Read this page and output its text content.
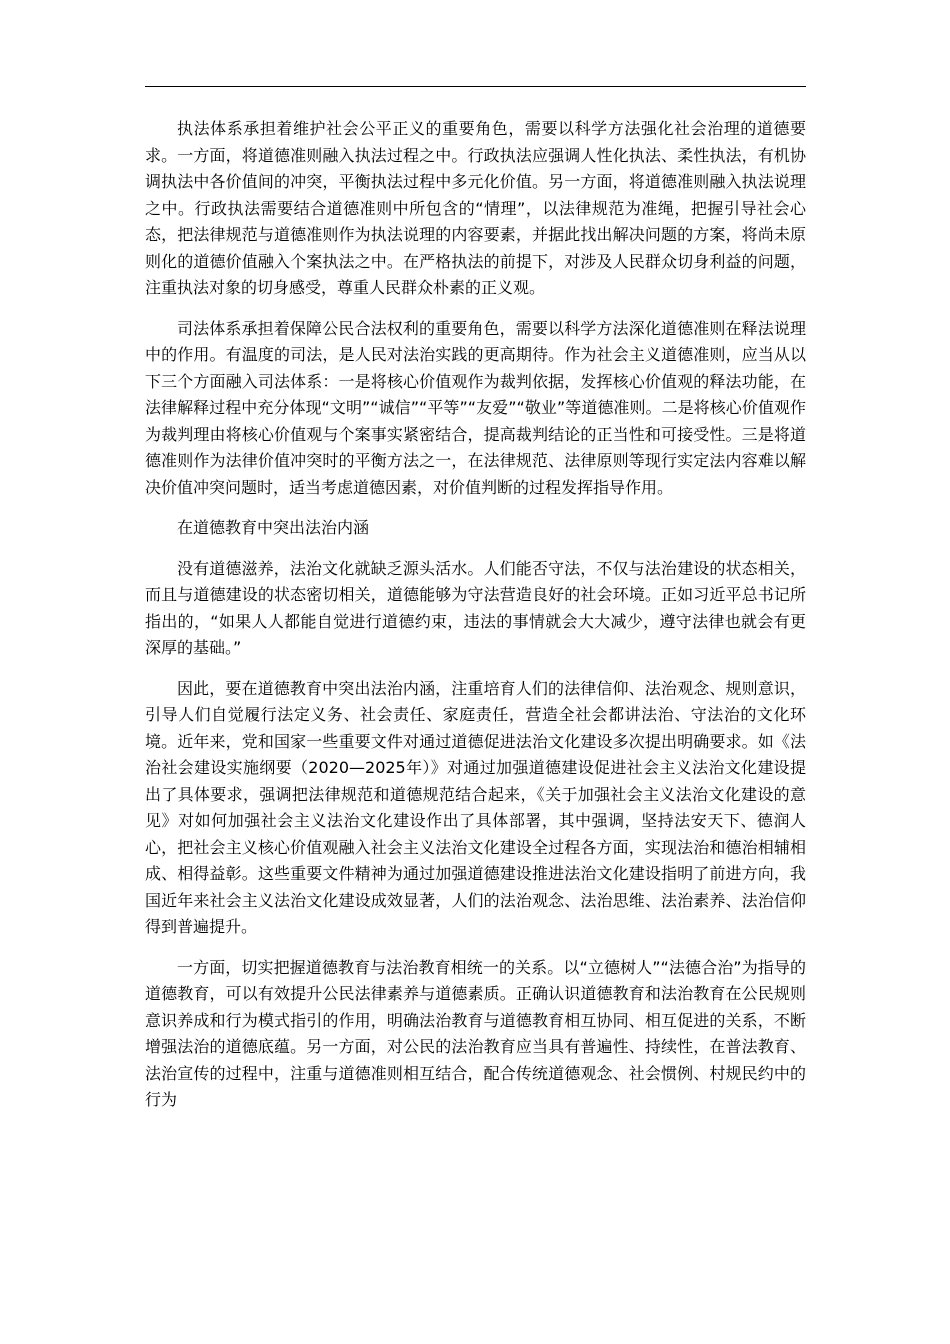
执法体系承担着维护社会公平正义的重要角色，需要以科学方法强化社会治理的道德要求。一方面，将道德准则融入执法过程之中。行政执法应强调人性化执法、柔性执法，有机协调执法中各价值间的冲突，平衡执法过程中多元化价值。另一方面，将道德准则融入执法说理之中。行政执法需要结合道德准则中所包含的“情理”，以法律规范为准绳，把握引导社会心态，把法律规范与道德准则作为执法说理的内容要素，并据此找出解决问题的方案，将尚未原则化的道德价值融入个案执法之中。在严格执法的前提下，对涉及人民群众切身利益的问题，注重执法对象的切身感受，尊重人民群众朴素的正义观。

司法体系承担着保障公民合法权利的重要角色，需要以科学方法深化道德准则在释法说理中的作用。有温度的司法，是人民对法治实践的更高期待。作为社会主义道德准则，应当从以下三个方面融入司法体系：一是将核心价值观作为裁判依据，发挥核心价值观的释法功能，在法律解释过程中充分体现“文明”“诚信”“平等”“友爱”“敬业”等道德准则。二是将核心价值观作为裁判理由将核心价值观与个案事实紧密结合，提高裁判结论的正当性和可接受性。三是将道德准则作为法律价值冲突时的平衡方法之一，在法律规范、法律原则等现行实定法内容难以解决价值冲突问题时，适当考虑道德因素，对价值判断的过程发挥指导作用。

在道德教育中突出法治内涵

没有道德滋养，法治文化就缺乏源头活水。人们能否守法，不仅与法治建设的状态相关，而且与道德建设的状态密切相关，道德能够为守法营造良好的社会环境。正如习近平总书记所指出的，“如果人人都能自觉进行道德约束，违法的事情就会大大减少，遵守法律也就会有更深厚的基础。”

因此，要在道德教育中突出法治内涵，注重培育人们的法律信仰、法治观念、规则意识，引导人们自觉履行法定义务、社会责任、家庭责任，营造全社会都讲法治、守法治的文化环境。近年来，党和国家一些重要文件对通过道德促进法治文化建设多次提出明确要求。如《法治社会建设实施纲要（2020—2025年）》对通过加强道德建设促进社会主义法治文化建设提出了具体要求，强调把法律规范和道德规范结合起来，《关于加强社会主义法治文化建设的意见》对如何加强社会主义法治文化建设作出了具体部署，其中强调，坚持法安天下、德润人心，把社会主义核心价值观融入社会主义法治文化建设全过程各方面，实现法治和德治相辅相成、相得益彰。这些重要文件精神为通过加强道德建设推进法治文化建设指明了前进方向，我国近年来社会主义法治文化建设成效显著，人们的法治观念、法治思维、法治素养、法治信仰得到普遍提升。

一方面，切实把握道德教育与法治教育相统一的关系。以“立德树人”“法德合治”为指导的道德教育，可以有效提升公民法律素养与道德素质。正确认识道德教育和法治教育在公民规则意识养成和行为模式指引的作用，明确法治教育与道德教育相互协同、相互促进的关系，不断增强法治的道德底蕴。另一方面，对公民的法治教育应当具有普遍性、持续性，在普法教育、法治宣传的过程中，注重与道德准则相互结合，配合传统道德观念、社会惯例、村规民约中的行为
